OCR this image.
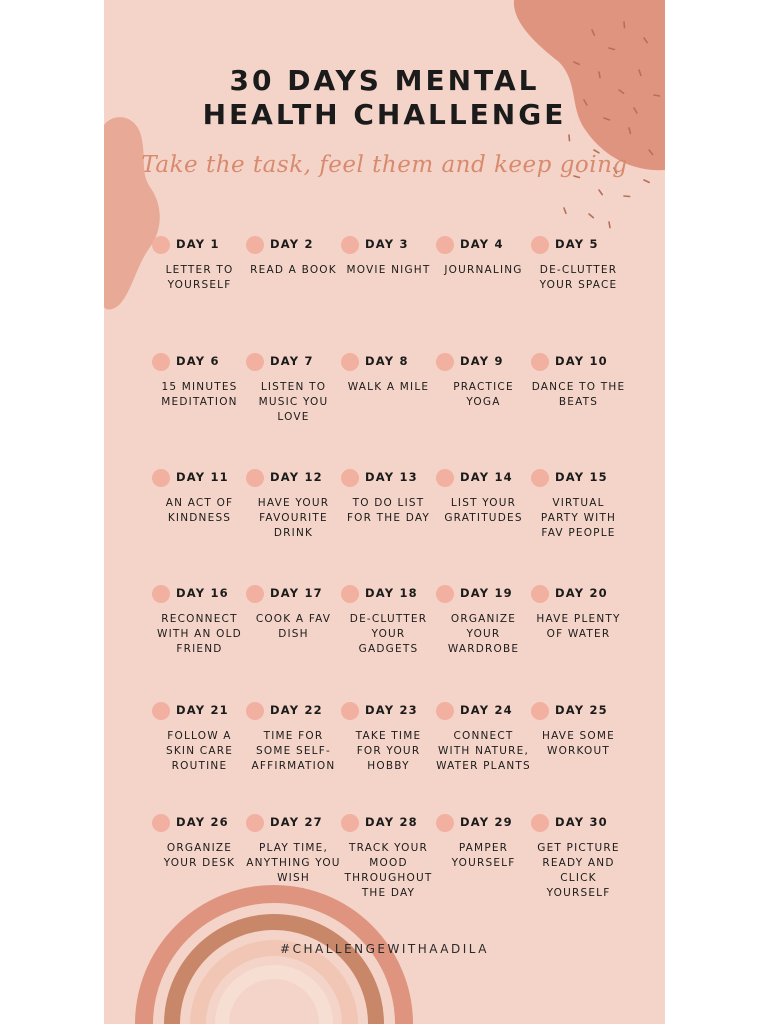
30 DAYS MENTAL
HEALTH CHALLENGE
Take the task, feel them and keep going
DAY 1
LETTER TO YOURSELF
DAY 2
READ A BOOK
DAY 3
MOVIE NIGHT
DAY 4
JOURNALING
DAY 5
DE-CLUTTER YOUR SPACE
DAY 6
15 MINUTES MEDITATION
DAY 7
LISTEN TO MUSIC YOU LOVE
DAY 8
WALK A MILE
DAY 9
PRACTICE YOGA
DAY 10
DANCE TO THE BEATS
DAY 11
AN ACT OF KINDNESS
DAY 12
HAVE YOUR FAVOURITE DRINK
DAY 13
TO DO LIST FOR THE DAY
DAY 14
LIST YOUR GRATITUDES
DAY 15
VIRTUAL PARTY WITH FAV PEOPLE
DAY 16
RECONNECT WITH AN OLD FRIEND
DAY 17
COOK A FAV DISH
DAY 18
DE-CLUTTER YOUR GADGETS
DAY 19
ORGANIZE YOUR WARDROBE
DAY 20
HAVE PLENTY OF WATER
DAY 21
FOLLOW A SKIN CARE ROUTINE
DAY 22
TIME FOR SOME SELF-AFFIRMATION
DAY 23
TAKE TIME FOR YOUR HOBBY
DAY 24
CONNECT WITH NATURE, WATER PLANTS
DAY 25
HAVE SOME WORKOUT
DAY 26
ORGANIZE YOUR DESK
DAY 27
PLAY TIME, ANYTHING YOU WISH
DAY 28
TRACK YOUR MOOD THROUGHOUT THE DAY
DAY 29
PAMPER YOURSELF
DAY 30
GET PICTURE READY AND CLICK YOURSELF
#CHALLENGEWITHAADILA
